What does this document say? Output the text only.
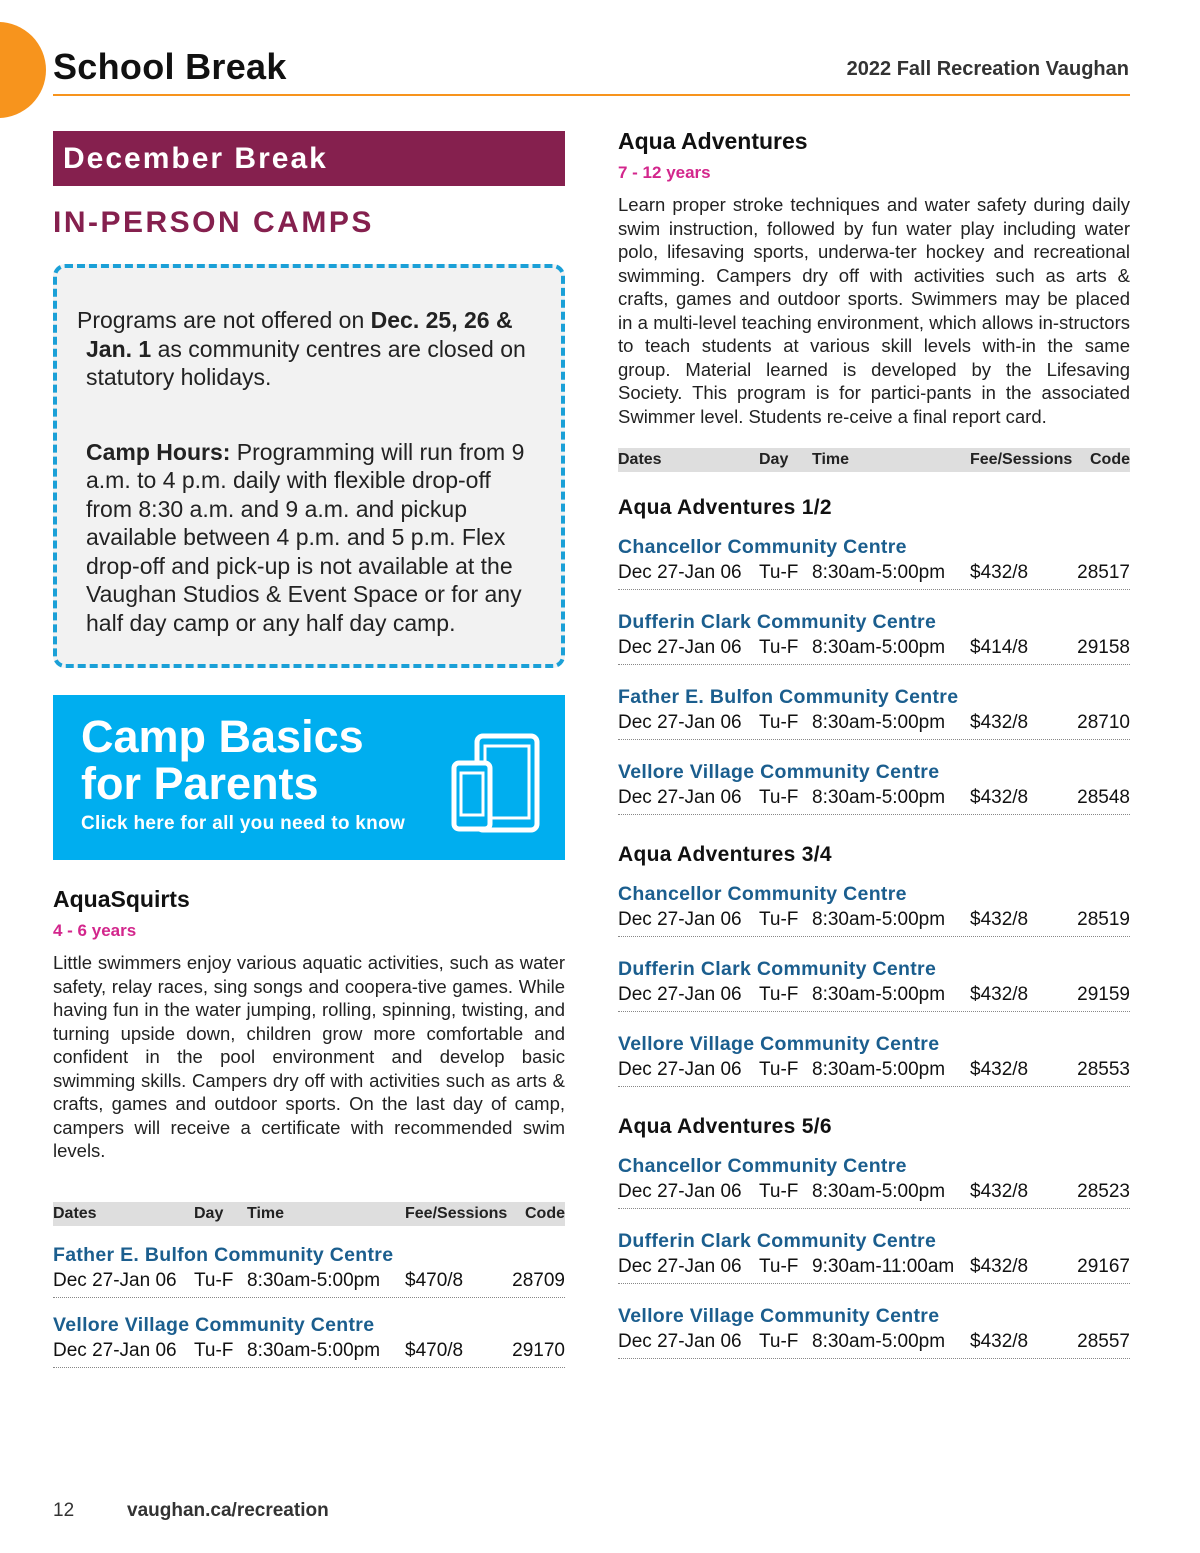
School Break	2022 Fall Recreation Vaughan
December Break
IN-PERSON CAMPS

Programs are not offered on Dec. 25, 26 & Jan. 1 as community centres are closed on statutory holidays.

Camp Hours: Programming will run from 9 a.m. to 4 p.m. daily with flexible drop-off from 8:30 a.m. and 9 a.m. and pickup available between 4 p.m. and 5 p.m. Flex drop-off and pick-up is not available at the Vaughan Studios & Event Space or for any half day camp or any half day camp.

Camp Basics
for Parents
Click here for all you need to know
AquaSquirts
4 - 6 years
Little swimmers enjoy various aquatic activities, such as water safety, relay races, sing songs and coopera-tive games. While having fun in the water jumping, rolling, spinning, twisting, and turning upside down, children grow more comfortable and confident in the pool environment and develop basic swimming skills. Campers dry off with activities such as arts & crafts, games and outdoor sports. On the last day of camp, campers will receive a certificate with recommended swim levels.
Dates	Day Time	Fee/Sessions Code
Father E. Bulfon Community Centre
Dec 27-Jan 06 Tu-F 8:30am-5:00pm $470/8	28709
Vellore Village Community Centre
Dec 27-Jan 06 Tu-F 8:30am-5:00pm $470/8	29170
Aqua Adventures
7 - 12 years
Learn proper stroke techniques and water safety during daily swim instruction, followed by fun water play including water polo, lifesaving sports, underwa-ter hockey and recreational swimming. Campers dry off with activities such as arts & crafts, games and outdoor sports. Swimmers may be placed in a multi-level teaching environment, which allows in-structors to teach students at various skill levels with-in the same group. Material learned is developed by the Lifesaving Society. This program is for partici-pants in the associated Swimmer level. Students re-ceive a final report card.
Dates	Day Time	Fee/Sessions Code
Aqua Adventures 1/2
Chancellor Community Centre
Dec 27-Jan 06 Tu-F 8:30am-5:00pm $432/8	28517
Dufferin Clark Community Centre
Dec 27-Jan 06 Tu-F 8:30am-5:00pm $414/8	29158
Father E. Bulfon Community Centre
Dec 27-Jan 06 Tu-F 8:30am-5:00pm $432/8	28710
Vellore Village Community Centre
Dec 27-Jan 06 Tu-F 8:30am-5:00pm $432/8	28548
Aqua Adventures 3/4
Chancellor Community Centre
Dec 27-Jan 06 Tu-F 8:30am-5:00pm $432/8	28519
Dufferin Clark Community Centre
Dec 27-Jan 06 Tu-F 8:30am-5:00pm $432/8	29159
Vellore Village Community Centre
Dec 27-Jan 06 Tu-F 8:30am-5:00pm $432/8	28553
Aqua Adventures 5/6
Chancellor Community Centre
Dec 27-Jan 06 Tu-F 8:30am-5:00pm $432/8	28523
Dufferin Clark Community Centre
Dec 27-Jan 06 Tu-F 9:30am-11:00am $432/8	29167
Vellore Village Community Centre
Dec 27-Jan 06 Tu-F 8:30am-5:00pm $432/8	28557
12	vaughan.ca/recreation
